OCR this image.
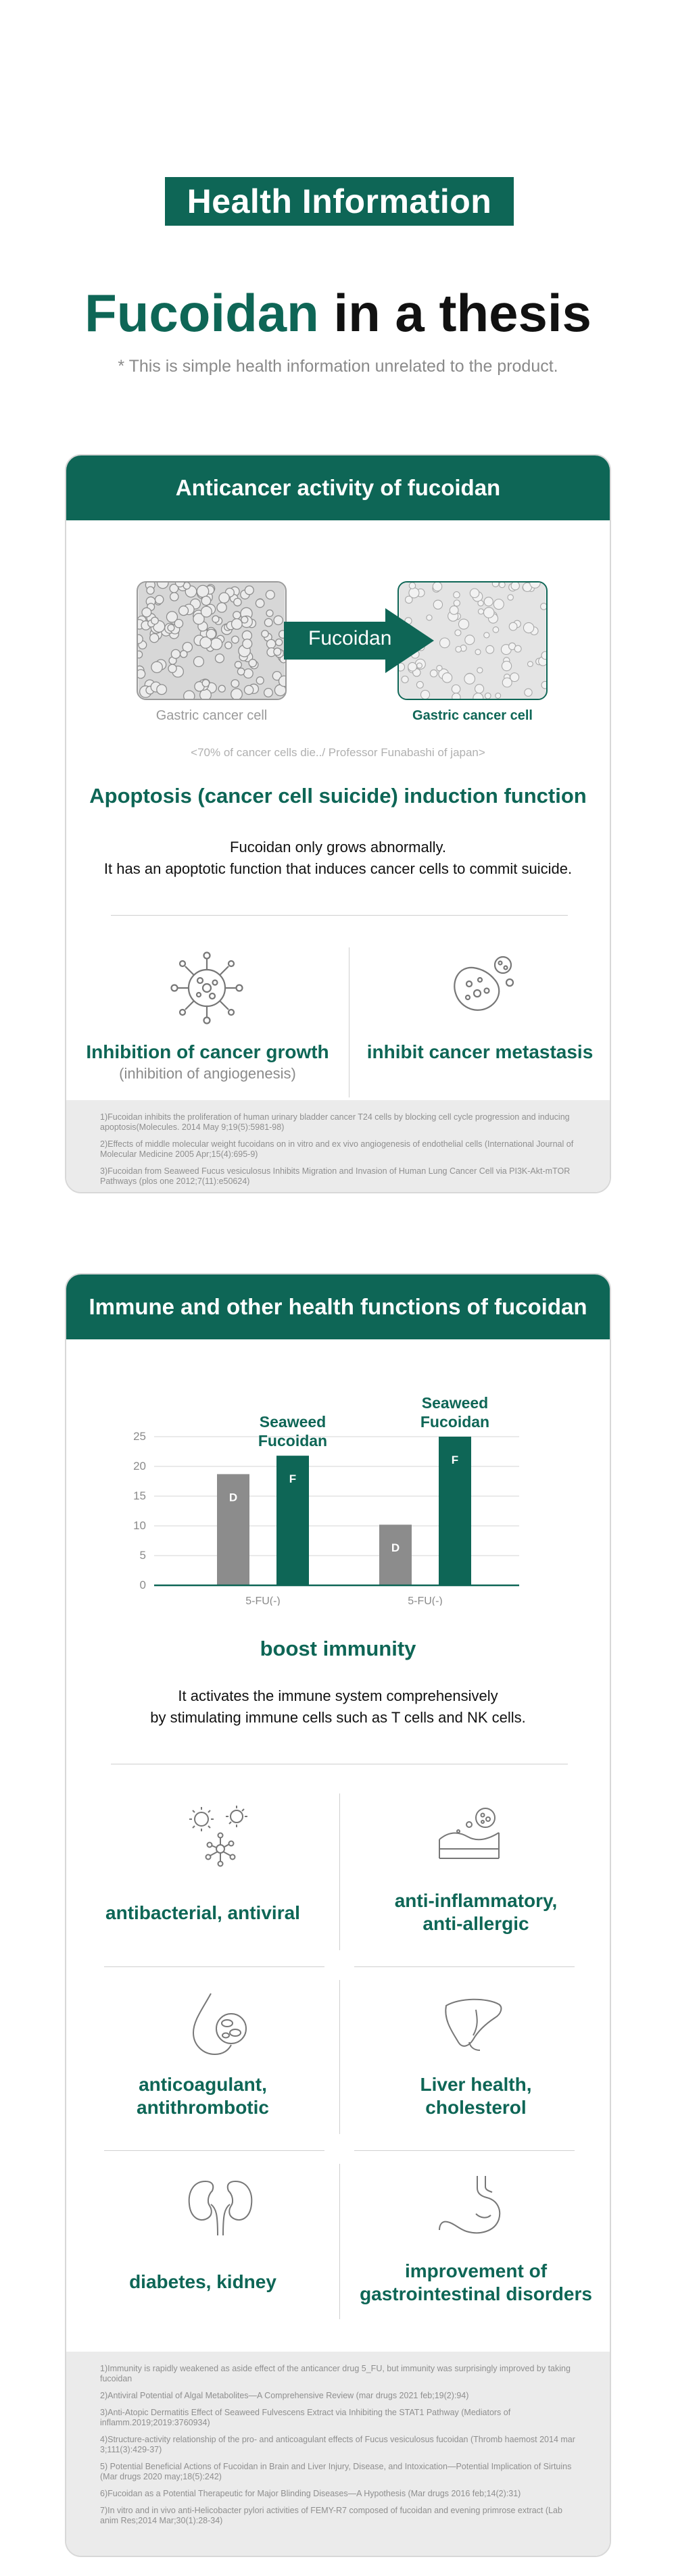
Health Information
Fucoidan in a thesis
* This is simple health information unrelated to the product.
Anticancer activity of fucoidan
Fucoidan
Gastric cancer cell	Gastric cancer cell
<70% of cancer cells die../ Professor Funabashi of japan>
Apoptosis (cancer cell suicide) induction function
Fucoidan only grows abnormally.
It has an apoptotic function that induces cancer cells to commit suicide.
Inhibition of cancer growth
(inhibition of angiogenesis)
inhibit cancer metastasis

1)Fucoidan inhibits the proliferation of human urinary bladder cancer T24 cells by blocking cell cycle progression and inducing apoptosis(Molecules. 2014 May 9;19(5):5981-98)

2)Effects of middle molecular weight fucoidans on in vitro and ex vivo angiogenesis of endothelial cells (International Journal of Molecular Medicine 2005 Apr;15(4):695-9)

3)Fucoidan from Seaweed Fucus vesiculosus Inhibits Migration and Invasion of Human Lung Cancer Cell via PI3K-Akt-mTOR Pathways (plos one 2012;7(11):e50624)

Immune and other health functions of fucoidan
0
5
10
15
20
25
D
F
5-FU(-)
D
F
5-FU(-)
Seaweed
Fucoidan
Seaweed
Fucoidan
boost immunity
It activates the immune system comprehensively
by stimulating immune cells such as T cells and NK cells.
antibacterial, antiviral
anti-inflammatory,
anti-allergic
anticoagulant,
antithrombotic
Liver health,
cholesterol
diabetes, kidney
improvement of
gastrointestinal disorders

1)Immunity is rapidly weakened as aside effect of the anticancer drug 5_FU, but immunity was surprisingly improved by taking fucoidan

2)Antiviral Potential of Algal Metabolites—A Comprehensive Review (mar drugs 2021 feb;19(2):94)

3)Anti-Atopic Dermatitis Effect of Seaweed Fulvescens Extract via Inhibiting the STAT1 Pathway (Mediators of inflamm.2019;2019:3760934)

4)Structure-activity relationship of the pro- and anticoagulant effects of Fucus vesiculosus fucoidan (Thromb haemost 2014 mar 3;111(3):429-37)

5) Potential Beneficial Actions of Fucoidan in Brain and Liver Injury, Disease, and Intoxication—Potential Implication of Sirtuins (Mar drugs 2020 may;18(5):242)

6)Fucoidan as a Potential Therapeutic for Major Blinding Diseases—A Hypothesis (Mar drugs 2016 feb;14(2):31)

7)In vitro and in vivo anti-Helicobacter pylori activities of FEMY-R7 composed of fucoidan and evening primrose extract (Lab anim Res;2014 Mar;30(1):28-34)
